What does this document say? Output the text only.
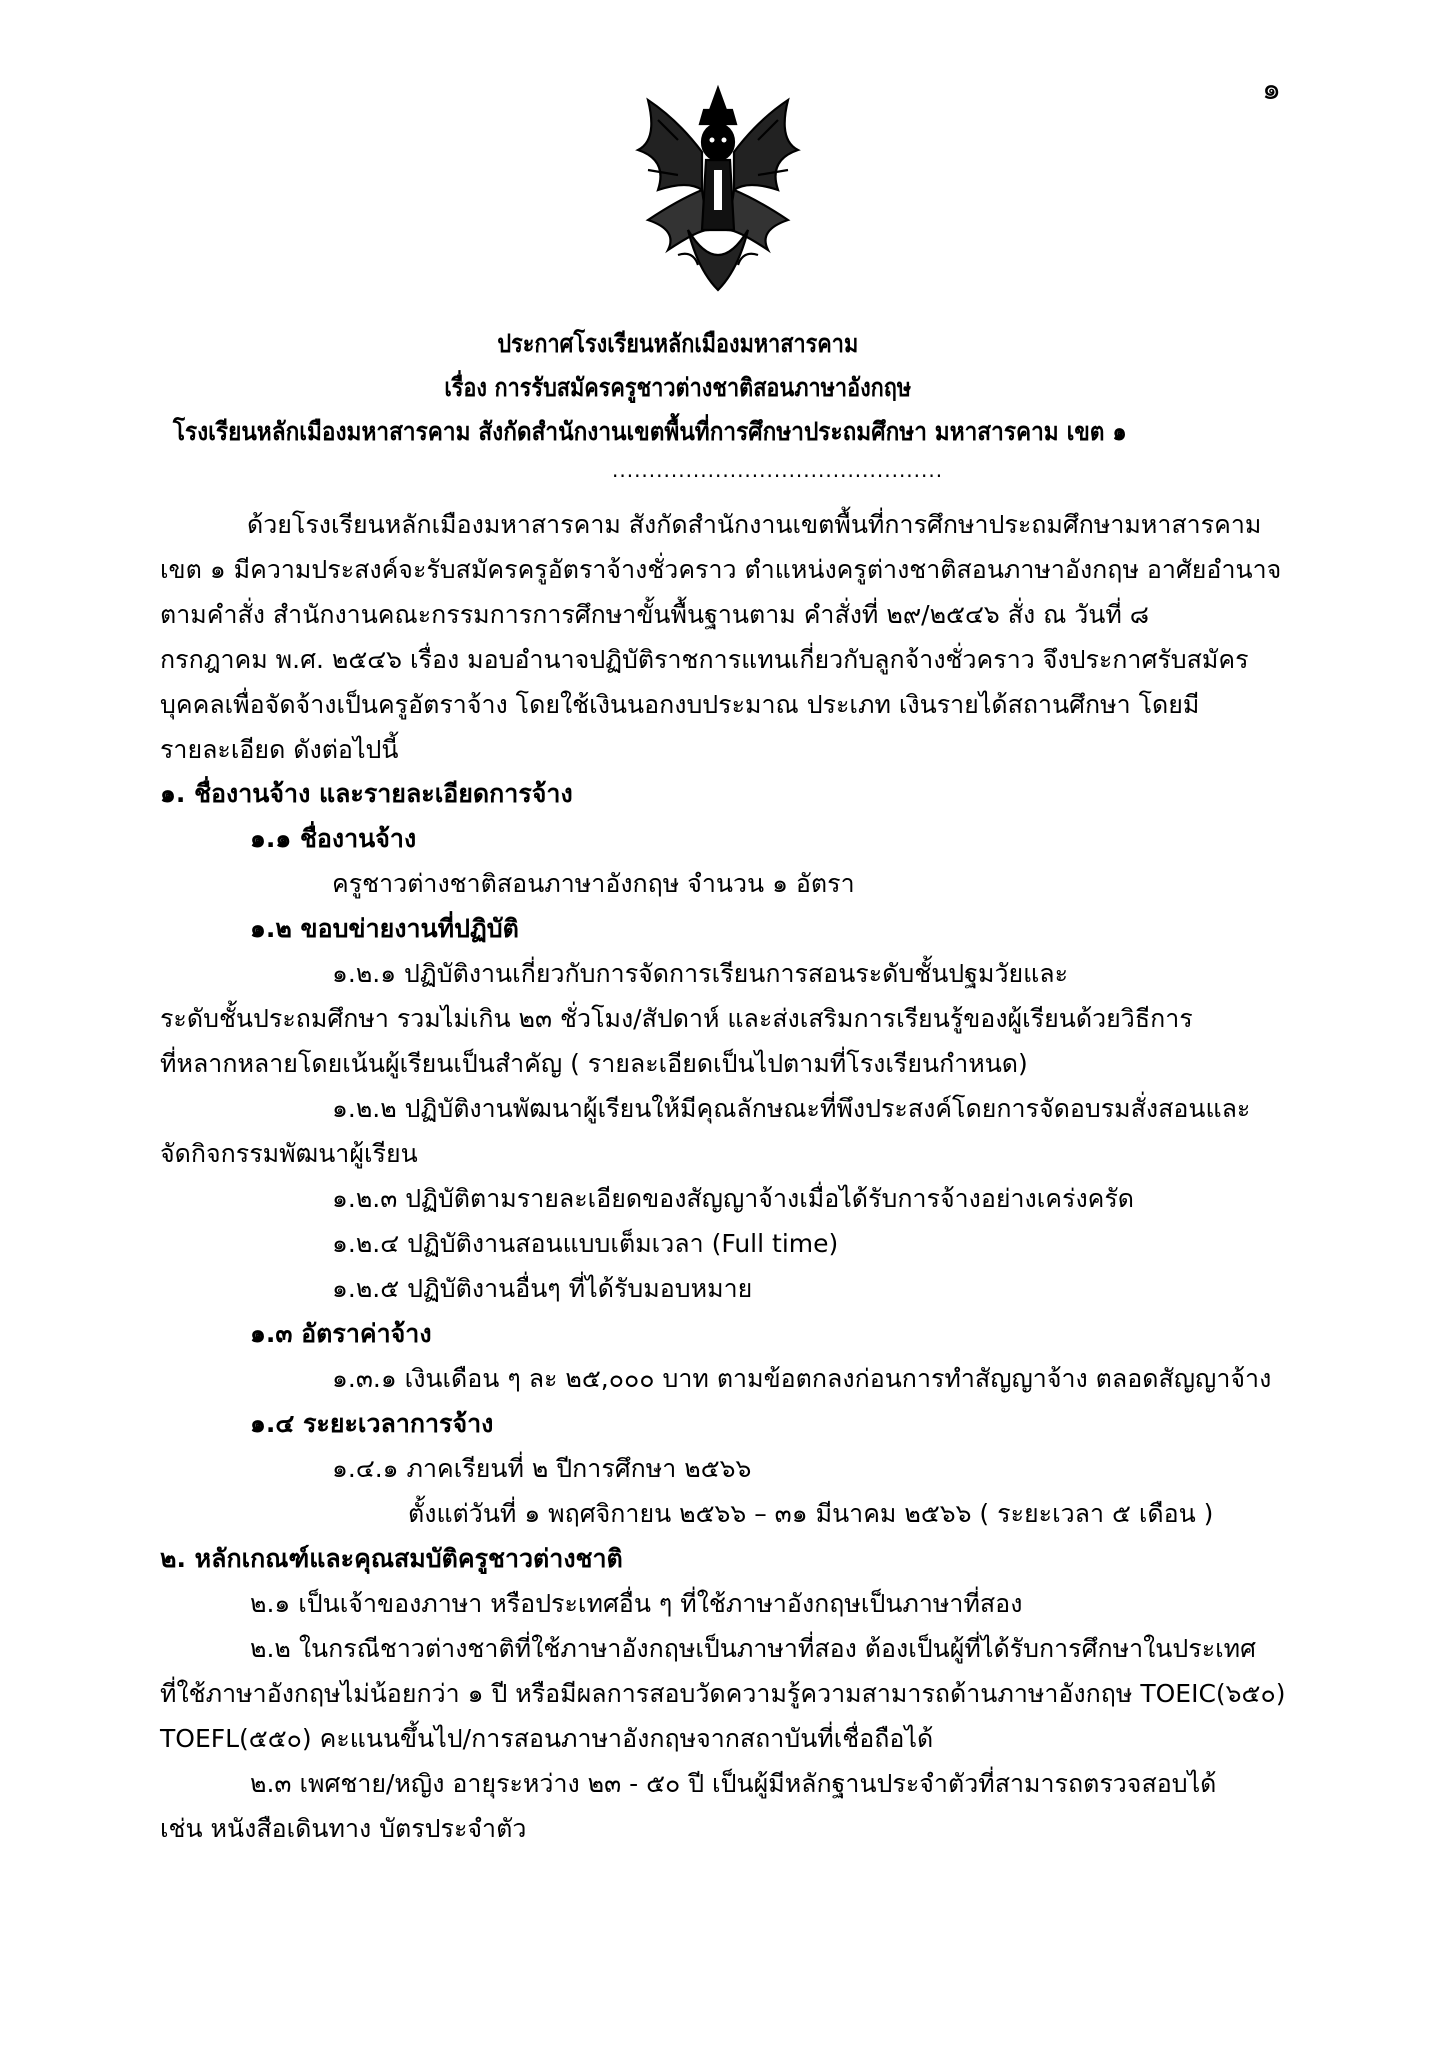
๑
ประกาศโรงเรียนหลักเมืองมหาสารคาม
เรื่อง การรับสมัครครูชาวต่างชาติสอนภาษาอังกฤษ
โรงเรียนหลักเมืองมหาสารคาม สังกัดสำนักงานเขตพื้นที่การศึกษาประถมศึกษา มหาสารคาม เขต ๑
.............................................
ด้วยโรงเรียนหลักเมืองมหาสารคาม สังกัดสำนักงานเขตพื้นที่การศึกษาประถมศึกษามหาสารคาม
เขต ๑ มีความประสงค์จะรับสมัครครูอัตราจ้างชั่วคราว ตำแหน่งครูต่างชาติสอนภาษาอังกฤษ อาศัยอำนาจ
ตามคำสั่ง สำนักงานคณะกรรมการการศึกษาขั้นพื้นฐานตาม คำสั่งที่ ๒๙/๒๕๔๖ สั่ง ณ วันที่ ๘
กรกฎาคม พ.ศ. ๒๕๔๖ เรื่อง มอบอำนาจปฏิบัติราชการแทนเกี่ยวกับลูกจ้างชั่วคราว จึงประกาศรับสมัคร
บุคคลเพื่อจัดจ้างเป็นครูอัตราจ้าง โดยใช้เงินนอกงบประมาณ ประเภท เงินรายได้สถานศึกษา โดยมี
รายละเอียด ดังต่อไปนี้
๑. ชื่องานจ้าง และรายละเอียดการจ้าง
๑.๑ ชื่องานจ้าง
ครูชาวต่างชาติสอนภาษาอังกฤษ จำนวน ๑ อัตรา
๑.๒ ขอบข่ายงานที่ปฏิบัติ
๑.๒.๑ ปฏิบัติงานเกี่ยวกับการจัดการเรียนการสอนระดับชั้นปฐมวัยและ
ระดับชั้นประถมศึกษา รวมไม่เกิน ๒๓ ชั่วโมง/สัปดาห์ และส่งเสริมการเรียนรู้ของผู้เรียนด้วยวิธีการ
ที่หลากหลายโดยเน้นผู้เรียนเป็นสำคัญ ( รายละเอียดเป็นไปตามที่โรงเรียนกำหนด)
๑.๒.๒ ปฏิบัติงานพัฒนาผู้เรียนให้มีคุณลักษณะที่พึงประสงค์โดยการจัดอบรมสั่งสอนและ
จัดกิจกรรมพัฒนาผู้เรียน
๑.๒.๓ ปฏิบัติตามรายละเอียดของสัญญาจ้างเมื่อได้รับการจ้างอย่างเคร่งครัด
๑.๒.๔ ปฏิบัติงานสอนแบบเต็มเวลา (Full time)
๑.๒.๕ ปฏิบัติงานอื่นๆ ที่ได้รับมอบหมาย
๑.๓ อัตราค่าจ้าง
๑.๓.๑ เงินเดือน ๆ ละ ๒๕,๐๐๐ บาท ตามข้อตกลงก่อนการทำสัญญาจ้าง ตลอดสัญญาจ้าง
๑.๔ ระยะเวลาการจ้าง
๑.๔.๑ ภาคเรียนที่ ๒ ปีการศึกษา ๒๕๖๖
ตั้งแต่วันที่ ๑ พฤศจิกายน ๒๕๖๖ – ๓๑ มีนาคม ๒๕๖๖ ( ระยะเวลา ๕ เดือน )
๒. หลักเกณฑ์และคุณสมบัติครูชาวต่างชาติ
๒.๑ เป็นเจ้าของภาษา หรือประเทศอื่น ๆ ที่ใช้ภาษาอังกฤษเป็นภาษาที่สอง
๒.๒ ในกรณีชาวต่างชาติที่ใช้ภาษาอังกฤษเป็นภาษาที่สอง ต้องเป็นผู้ที่ได้รับการศึกษาในประเทศ
ที่ใช้ภาษาอังกฤษไม่น้อยกว่า ๑ ปี หรือมีผลการสอบวัดความรู้ความสามารถด้านภาษาอังกฤษ TOEIC(๖๕๐)
TOEFL(๕๕๐) คะแนนขึ้นไป/การสอนภาษาอังกฤษจากสถาบันที่เชื่อถือได้
๒.๓ เพศชาย/หญิง อายุระหว่าง ๒๓ - ๕๐ ปี เป็นผู้มีหลักฐานประจำตัวที่สามารถตรวจสอบได้
เช่น หนังสือเดินทาง บัตรประจำตัว
